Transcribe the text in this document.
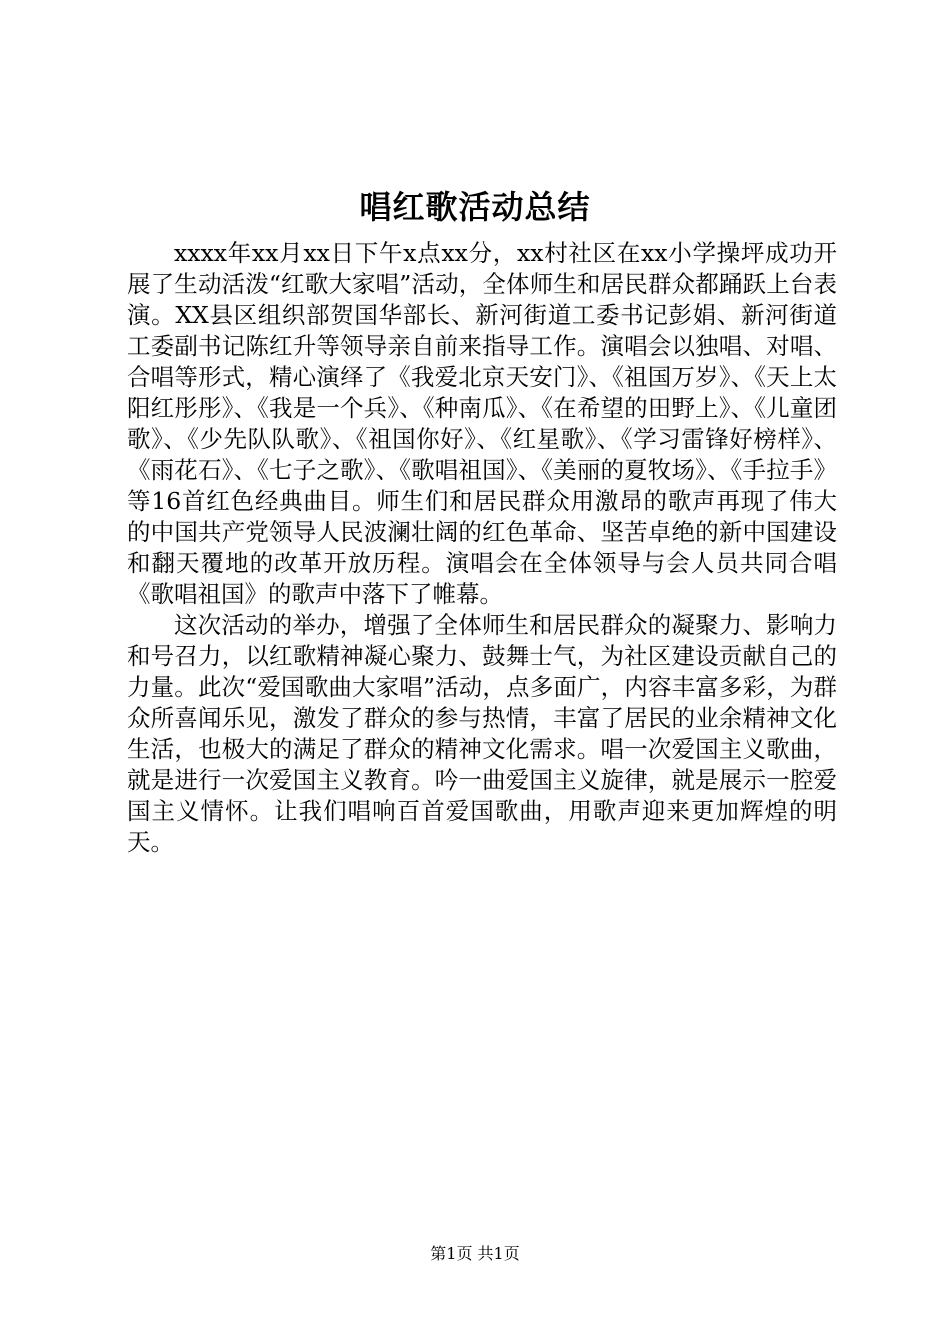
唱红歌活动总结

xxxx年xx月xx日下午x点xx分，xx村社区在xx小学操坪成功开展了生动活泼“红歌大家唱”活动，全体师生和居民群众都踊跃上台表演。XX县区组织部贺国华部长、新河街道工委书记彭娟、新河街道工委副书记陈红升等领导亲自前来指导工作。演唱会以独唱、对唱、合唱等形式，精心演绎了《我爱北京天安门》、《祖国万岁》、《天上太阳红彤彤》、《我是一个兵》、《种南瓜》、《在希望的田野上》、《儿童团歌》、《少先队队歌》、《祖国你好》、《红星歌》、《学习雷锋好榜样》、《雨花石》、《七子之歌》、《歌唱祖国》、《美丽的夏牧场》、《手拉手》等16首红色经典曲目。师生们和居民群众用激昂的歌声再现了伟大的中国共产党领导人民波澜壮阔的红色革命、坚苦卓绝的新中国建设和翻天覆地的改革开放历程。演唱会在全体领导与会人员共同合唱《歌唱祖国》的歌声中落下了帷幕。

这次活动的举办，增强了全体师生和居民群众的凝聚力、影响力和号召力，以红歌精神凝心聚力、鼓舞士气，为社区建设贡献自己的力量。此次“爱国歌曲大家唱”活动，点多面广，内容丰富多彩，为群众所喜闻乐见，激发了群众的参与热情，丰富了居民的业余精神文化生活，也极大的满足了群众的精神文化需求。唱一次爱国主义歌曲，就是进行一次爱国主义教育。吟一曲爱国主义旋律，就是展示一腔爱国主义情怀。让我们唱响百首爱国歌曲，用歌声迎来更加辉煌的明天。

第1页 共1页
